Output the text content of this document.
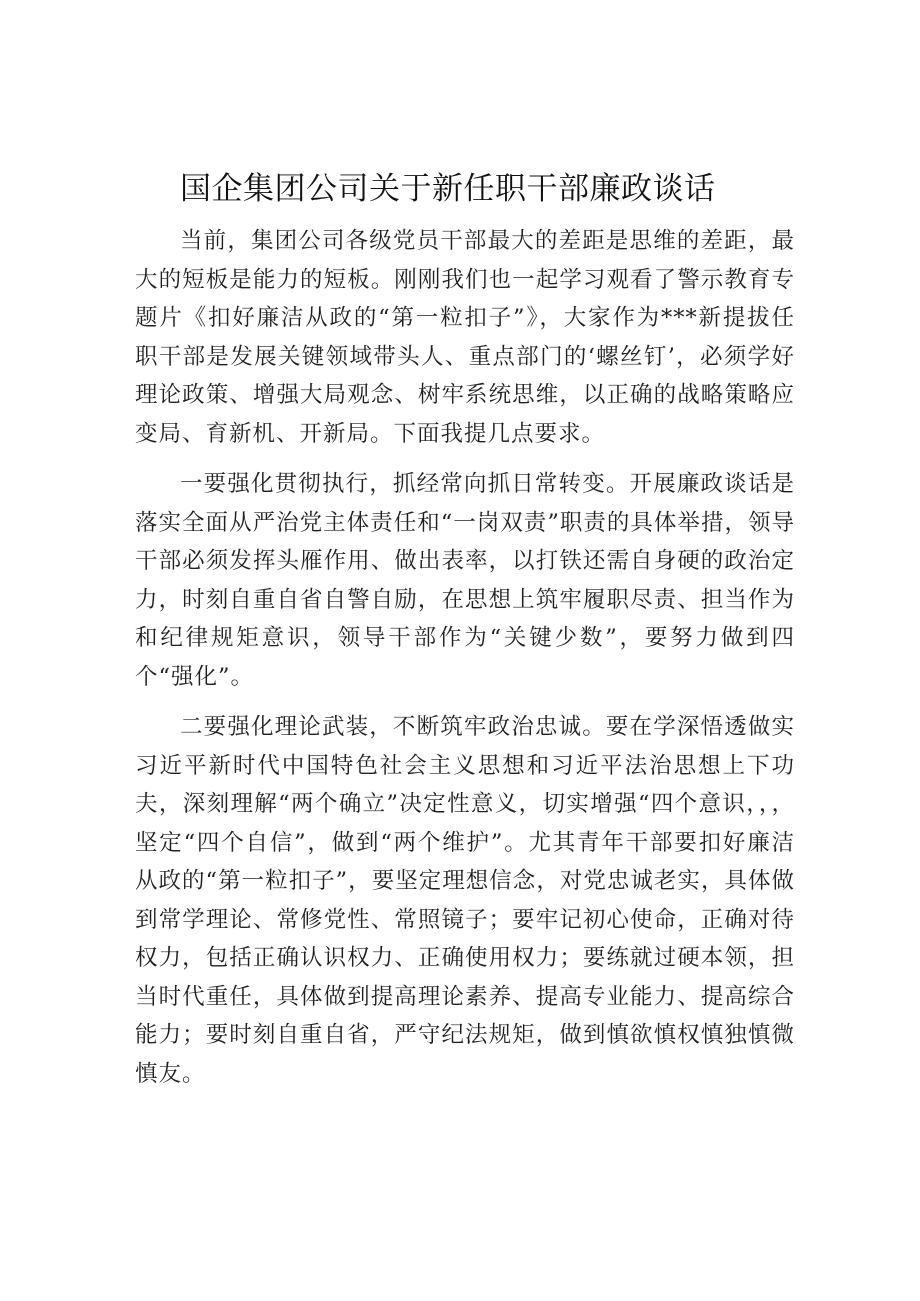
国企集团公司关于新任职干部廉政谈话

当前，集团公司各级党员干部最大的差距是思维的差距，最大的短板是能力的短板。刚刚我们也一起学习观看了警示教育专题片《扣好廉洁从政的“第一粒扣子”》，大家作为***新提拔任职干部是发展关键领域带头人、重点部门的‘螺丝钉’，必须学好理论政策、增强大局观念、树牢系统思维，以正确的战略策略应变局、育新机、开新局。下面我提几点要求。

一要强化贯彻执行，抓经常向抓日常转变。开展廉政谈话是落实全面从严治党主体责任和“一岗双责”职责的具体举措，领导干部必须发挥头雁作用、做出表率，以打铁还需自身硬的政治定力，时刻自重自省自警自励，在思想上筑牢履职尽责、担当作为和纪律规矩意识，领导干部作为“关键少数”，要努力做到四个“强化”。

二要强化理论武装，不断筑牢政治忠诚。要在学深悟透做实习近平新时代中国特色社会主义思想和习近平法治思想上下功夫，深刻理解“两个确立”决定性意义，切实增强“四个意识，，，坚定“四个自信”，做到“两个维护”。尤其青年干部要扣好廉洁从政的“第一粒扣子”，要坚定理想信念，对党忠诚老实，具体做到常学理论、常修党性、常照镜子；要牢记初心使命，正确对待权力，包括正确认识权力、正确使用权力；要练就过硬本领，担当时代重任，具体做到提高理论素养、提高专业能力、提高综合能力；要时刻自重自省，严守纪法规矩，做到慎欲慎权慎独慎微慎友。
